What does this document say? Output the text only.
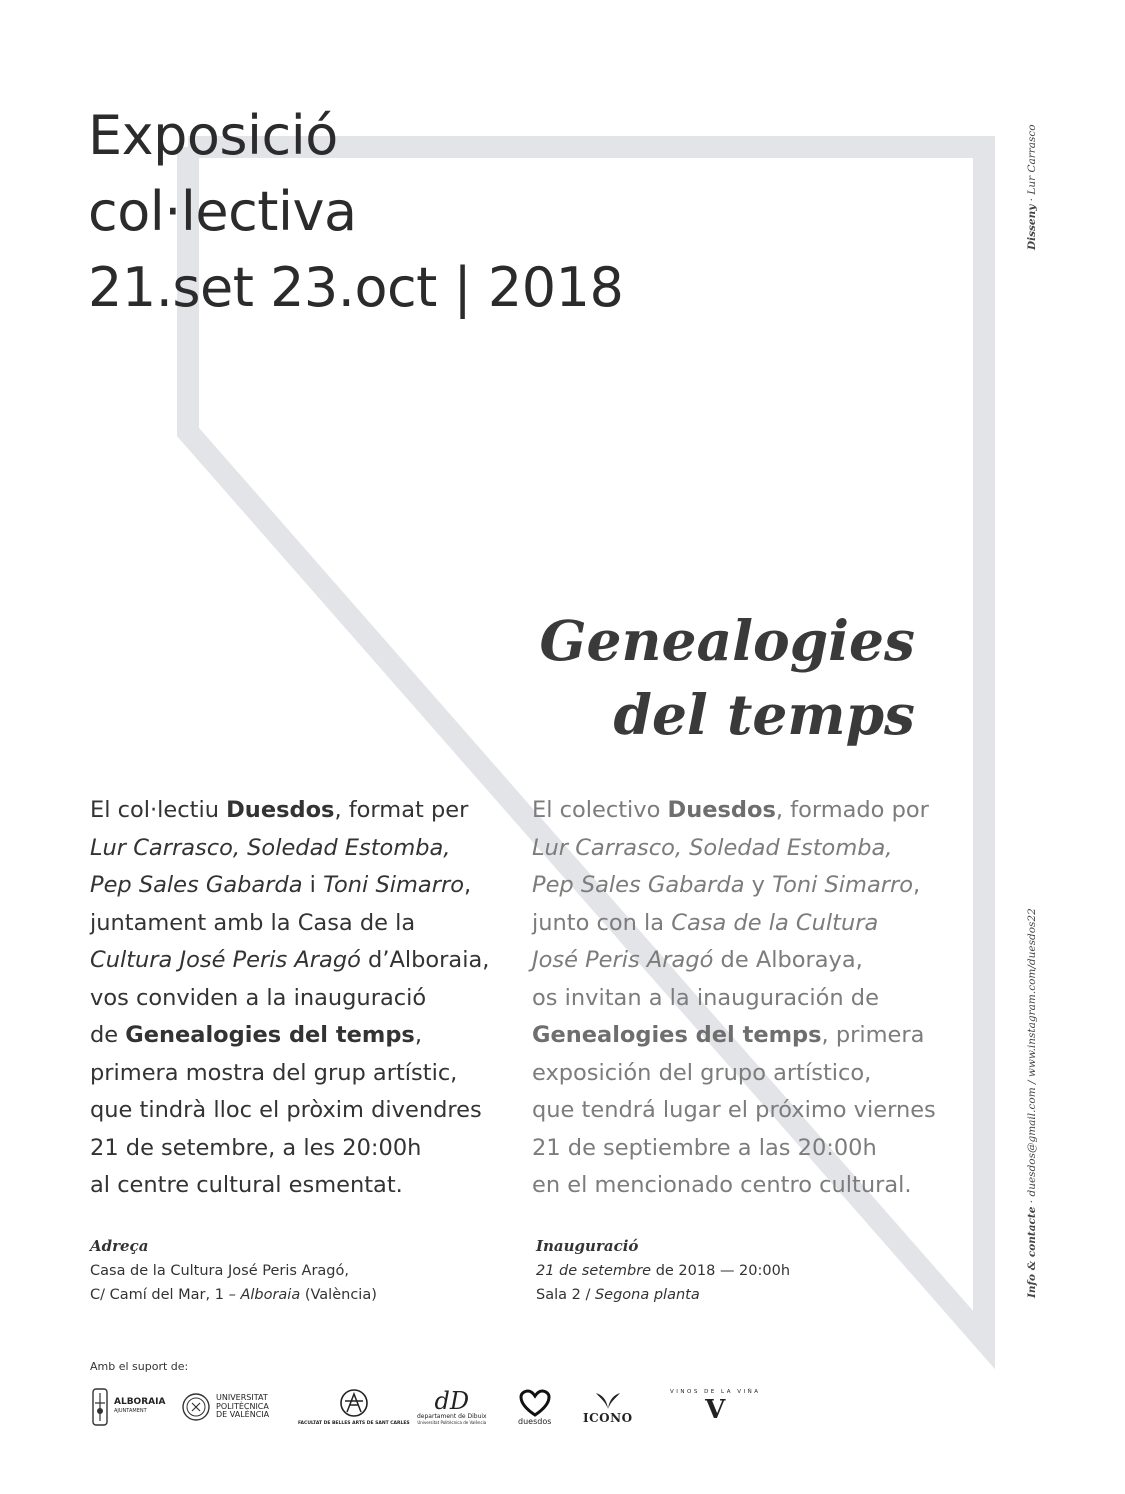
Exposició
col·lectiva
21.set 23.oct | 2018
Genealogies
del temps
El col·lectiu Duesdos, format per
Lur Carrasco, Soledad Estomba,
Pep Sales Gabarda i Toni Simarro,
juntament amb la Casa de la
Cultura José Peris Aragó d’Alboraia,
vos conviden a la inauguració
de Genealogies del temps,
primera mostra del grup artístic,
que tindrà lloc el pròxim divendres
21 de setembre, a les 20:00h
al centre cultural esmentat.
El colectivo Duesdos, formado por
Lur Carrasco, Soledad Estomba,
Pep Sales Gabarda y Toni Simarro,
junto con la Casa de la Cultura
José Peris Aragó de Alboraya,
os invitan a la inauguración de
Genealogies del temps, primera
exposición del grupo artístico,
que tendrá lugar el próximo viernes
21 de septiembre a las 20:00h
en el mencionado centro cultural.
Adreça
Casa de la Cultura José Peris Aragó,
C/ Camí del Mar, 1 – Alboraia (València)
Inauguració
21 de setembre de 2018 — 20:00h
Sala 2 / Segona planta
Disseny · Lur Carrasco
Info & contacte · duesdos@gmail.com / www.instagram.com/duesdos22
Amb el suport de:
ALBORAIA
AJUNTAMENT
UNIVERSITAT
POLITÈCNICA
DE VALÈNCIA
FACULTAT DE BELLES ARTS DE SANT CARLES
dD
departament de Dibuix
Universitat Politècnica de València	duesdos	ICONO
VINOS DE LA VIÑA
V
